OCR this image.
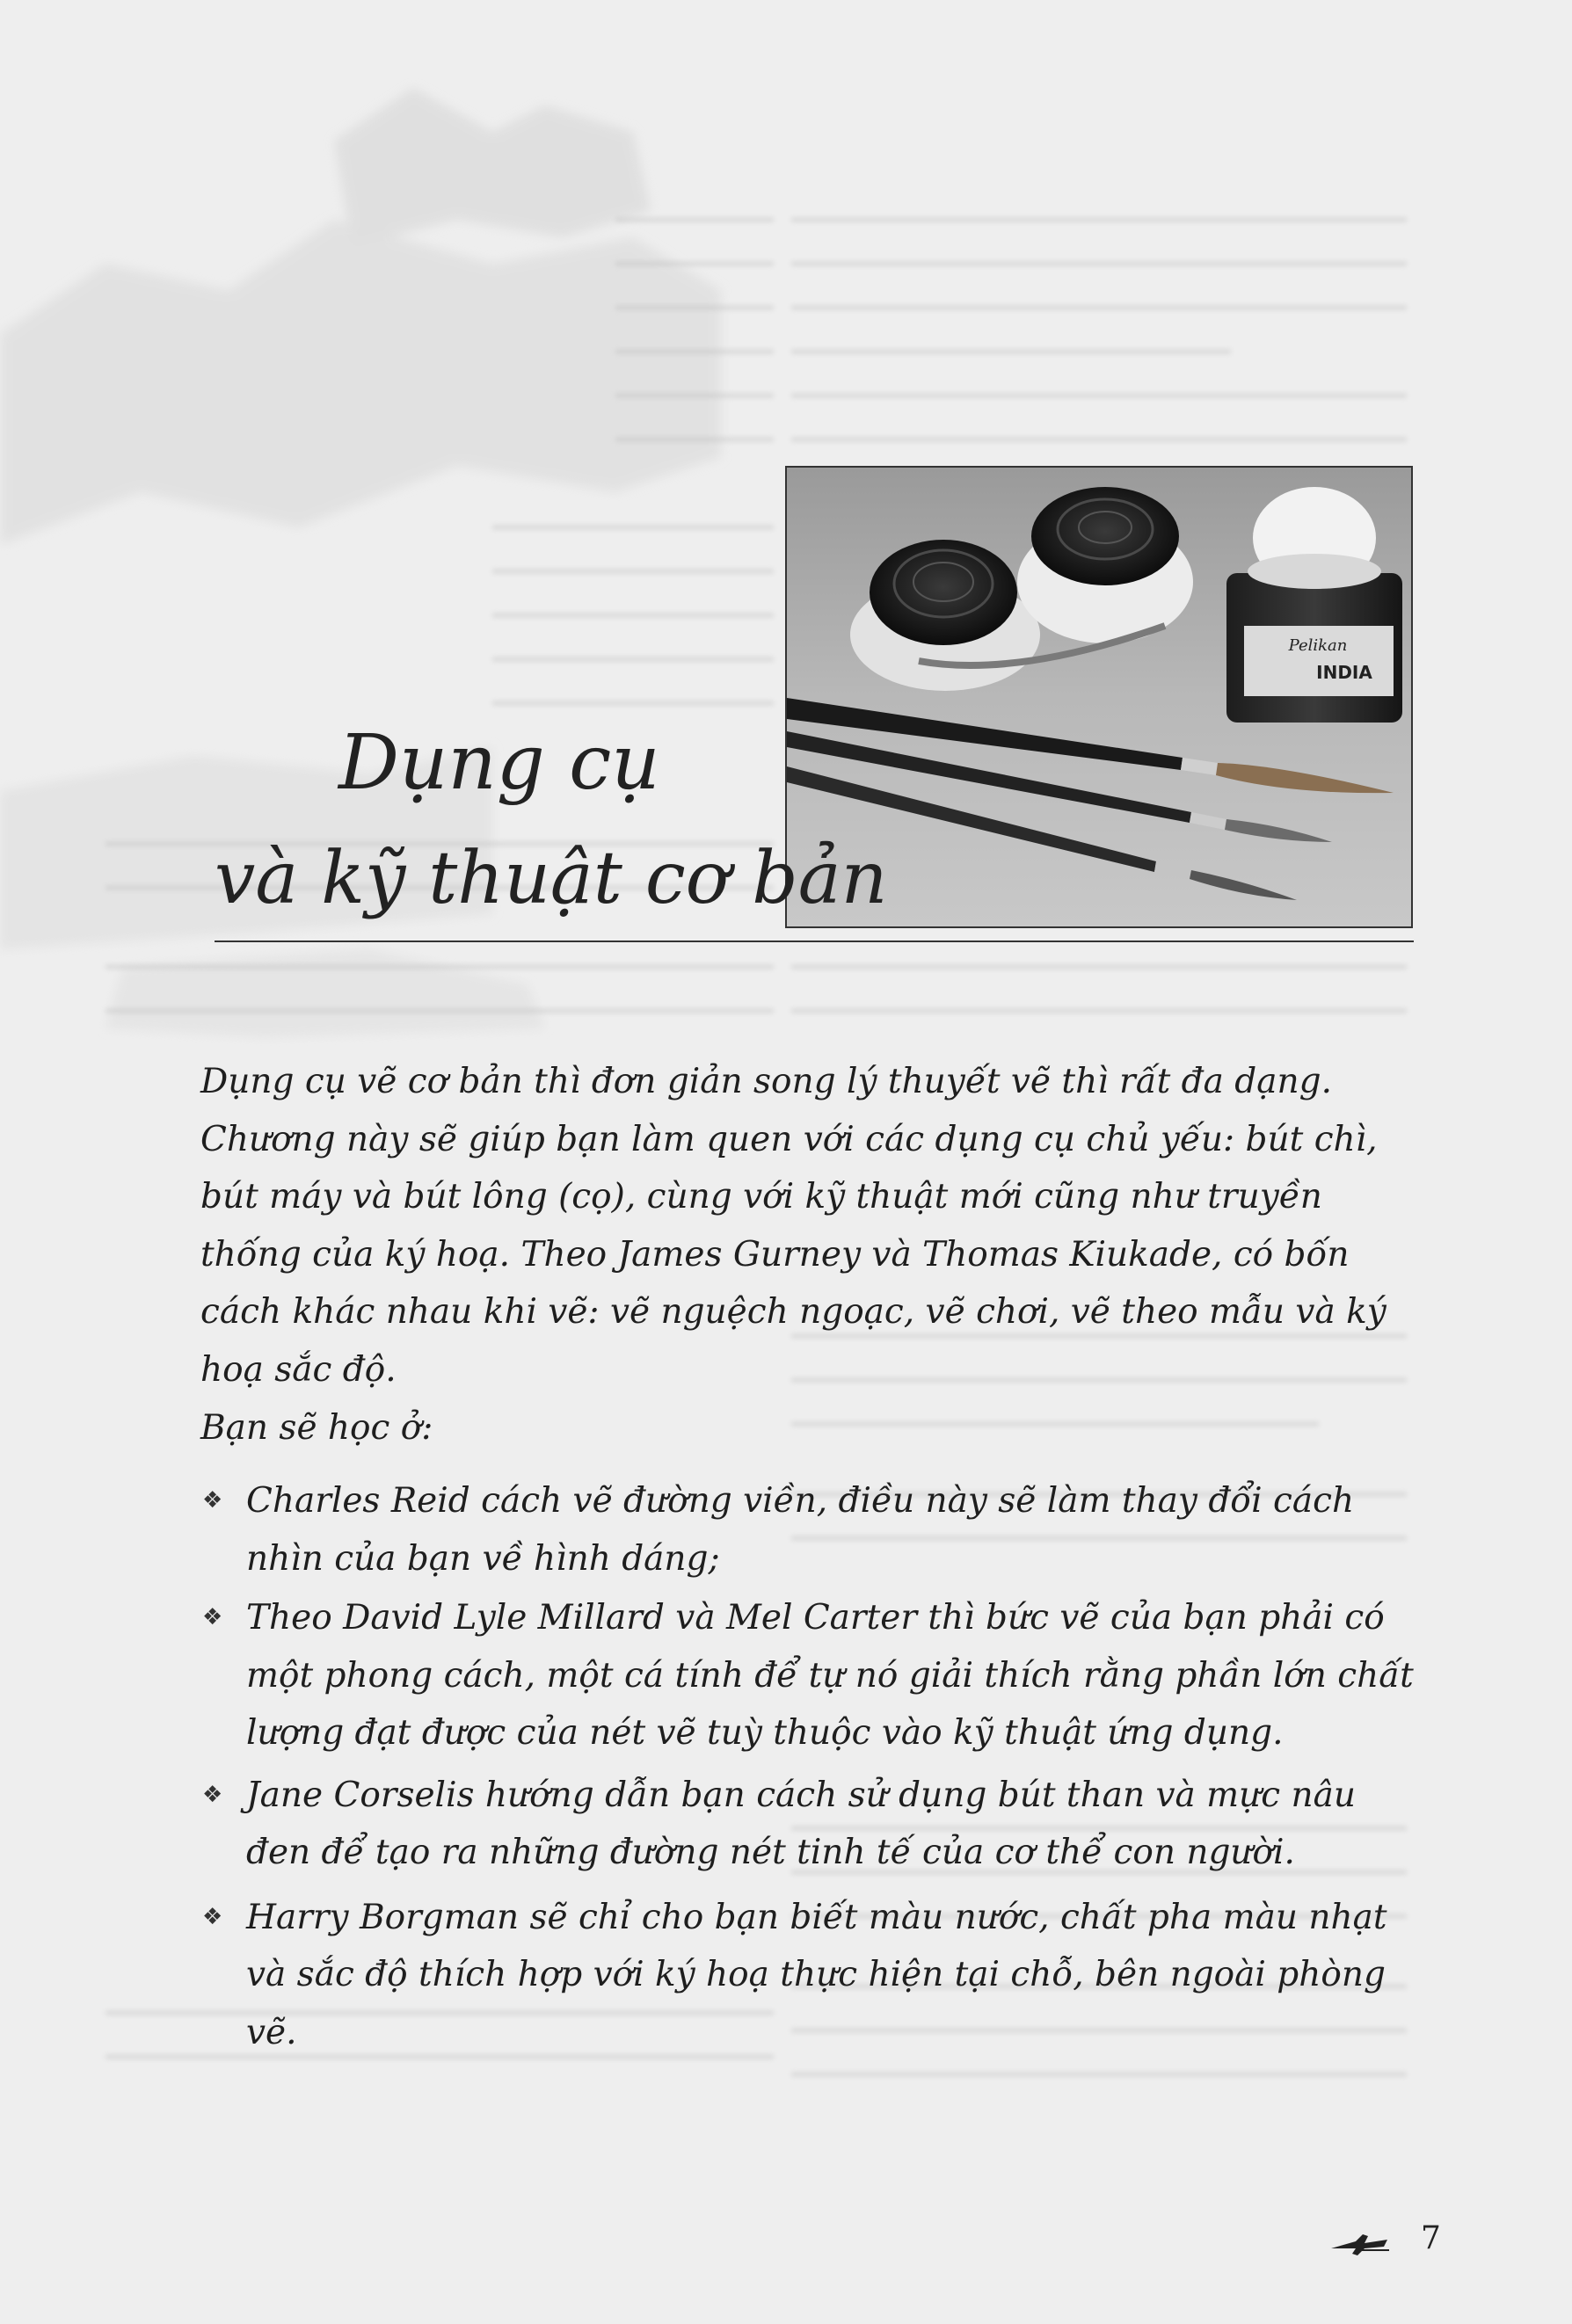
Pelikan
INDIA
Dụng cụ
và kỹ thuật cơ bản

Dụng cụ vẽ cơ bản thì đơn giản song lý thuyết vẽ thì rất đa dạng.

Chương này sẽ giúp bạn làm quen với các dụng cụ chủ yếu: bút chì, bút máy và bút lông (cọ), cùng với kỹ thuật mới cũng như truyền thống của ký hoạ. Theo James Gurney và Thomas Kiukade, có bốn cách khác nhau khi vẽ: vẽ nguệch ngoạc, vẽ chơi, vẽ theo mẫu và ký hoạ sắc độ.

Bạn sẽ học ở:

❖ Charles Reid cách vẽ đường viền, điều này sẽ làm thay đổi cách nhìn của bạn về hình dáng;
❖ Theo David Lyle Millard và Mel Carter thì bức vẽ của bạn phải có một phong cách, một cá tính để tự nó giải thích rằng phần lớn chất lượng đạt được của nét vẽ tuỳ thuộc vào kỹ thuật ứng dụng.
❖ Jane Corselis hướng dẫn bạn cách sử dụng bút than và mực nâu đen để tạo ra những đường nét tinh tế của cơ thể con người.
❖ Harry Borgman sẽ chỉ cho bạn biết màu nước, chất pha màu nhạt và sắc độ thích hợp với ký hoạ thực hiện tại chỗ, bên ngoài phòng vẽ.

7
